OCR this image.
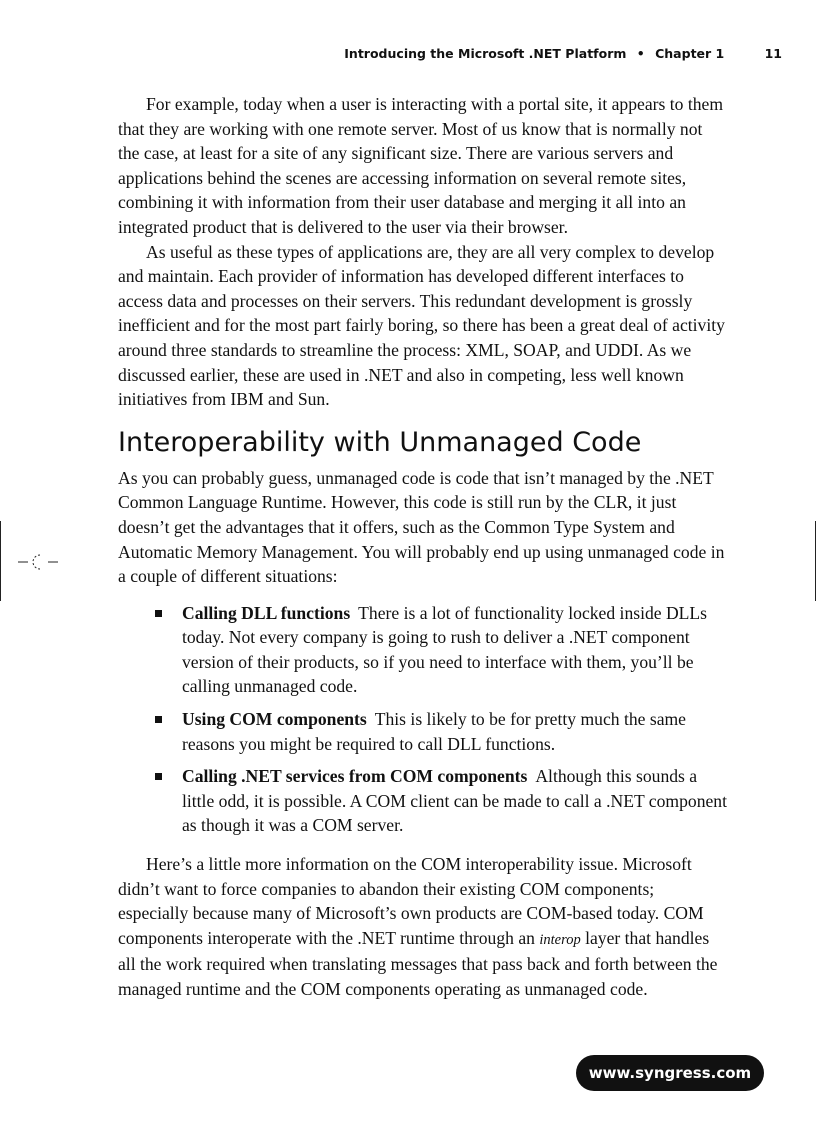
Introducing the Microsoft .NET Platform • Chapter 1	11

For example, today when a user is interacting with a portal site, it appears to them that they are working with one remote server. Most of us know that is normally not the case, at least for a site of any significant size. There are various servers and applications behind the scenes are accessing information on several remote sites, combining it with information from their user database and merging it all into an integrated product that is delivered to the user via their browser.

As useful as these types of applications are, they are all very complex to develop and maintain. Each provider of information has developed different interfaces to access data and processes on their servers. This redundant development is grossly inefficient and for the most part fairly boring, so there has been a great deal of activity around three standards to streamline the process: XML, SOAP, and UDDI. As we discussed earlier, these are used in .NET and also in competing, less well known initiatives from IBM and Sun.

Interoperability with Unmanaged Code

As you can probably guess, unmanaged code is code that isn’t managed by the .NET Common Language Runtime. However, this code is still run by the CLR, it just doesn’t get the advantages that it offers, such as the Common Type System and Automatic Memory Management. You will probably end up using unmanaged code in a couple of different situations:

Calling DLL functions There is a lot of functionality locked inside DLLs today. Not every company is going to rush to deliver a .NET component version of their products, so if you need to interface with them, you’ll be calling unmanaged code.
Using COM components This is likely to be for pretty much the same reasons you might be required to call DLL functions.
Calling .NET services from COM components Although this sounds a little odd, it is possible. A COM client can be made to call a .NET component as though it was a COM server.

Here’s a little more information on the COM interoperability issue. Microsoft didn’t want to force companies to abandon their existing COM components; especially because many of Microsoft’s own products are COM-based today. COM components interoperate with the .NET runtime through an interop layer that handles all the work required when translating messages that pass back and forth between the managed runtime and the COM components operating as unmanaged code.

www.syngress.com
